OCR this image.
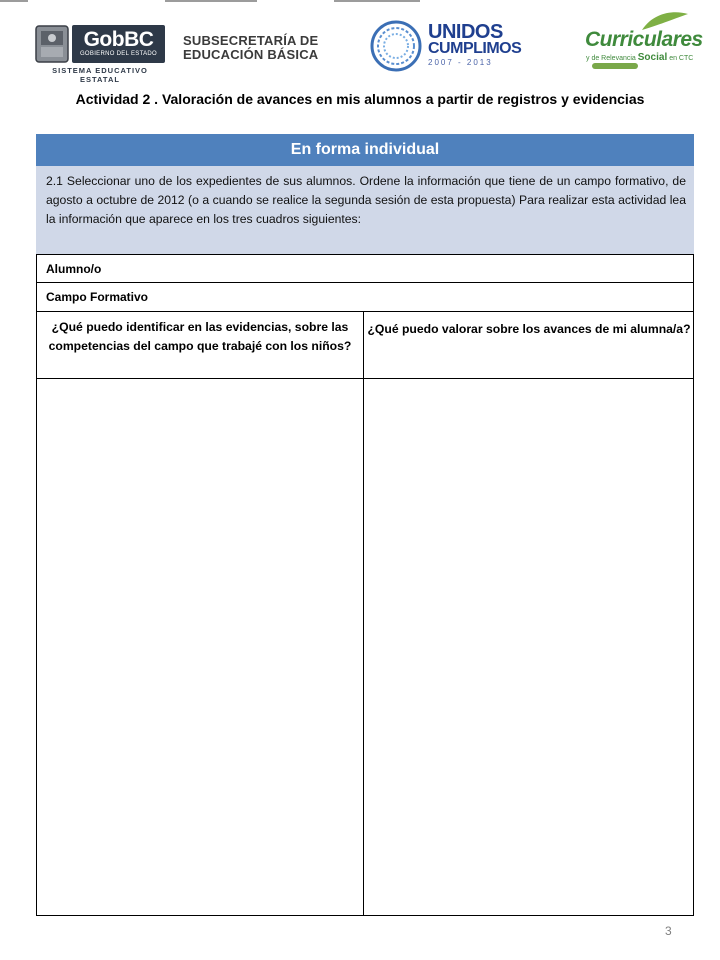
GobBC
GOBIERNO DEL ESTADO
SISTEMA EDUCATIVO ESTATAL
SUBSECRETARÍA DE
EDUCACIÓN BÁSICA
UNIDOS
CUMPLIMOS
2007 - 2013
Curriculares
y de Relevancia Social en CTC
Actividad 2 . Valoración de avances en mis alumnos a partir de registros y evidencias
En forma individual
2.1 Seleccionar uno de los expedientes de sus alumnos. Ordene la información que tiene de un campo formativo, de agosto a octubre de 2012 (o a cuando se realice la segunda sesión de esta propuesta) Para realizar esta actividad lea la información que aparece en los tres cuadros siguientes:
Alumno/o
Campo Formativo
¿Qué puedo identificar en las evidencias, sobre las competencias del campo que trabajé con los niños?
¿Qué puedo valorar sobre los avances de mi alumna/a?
3
